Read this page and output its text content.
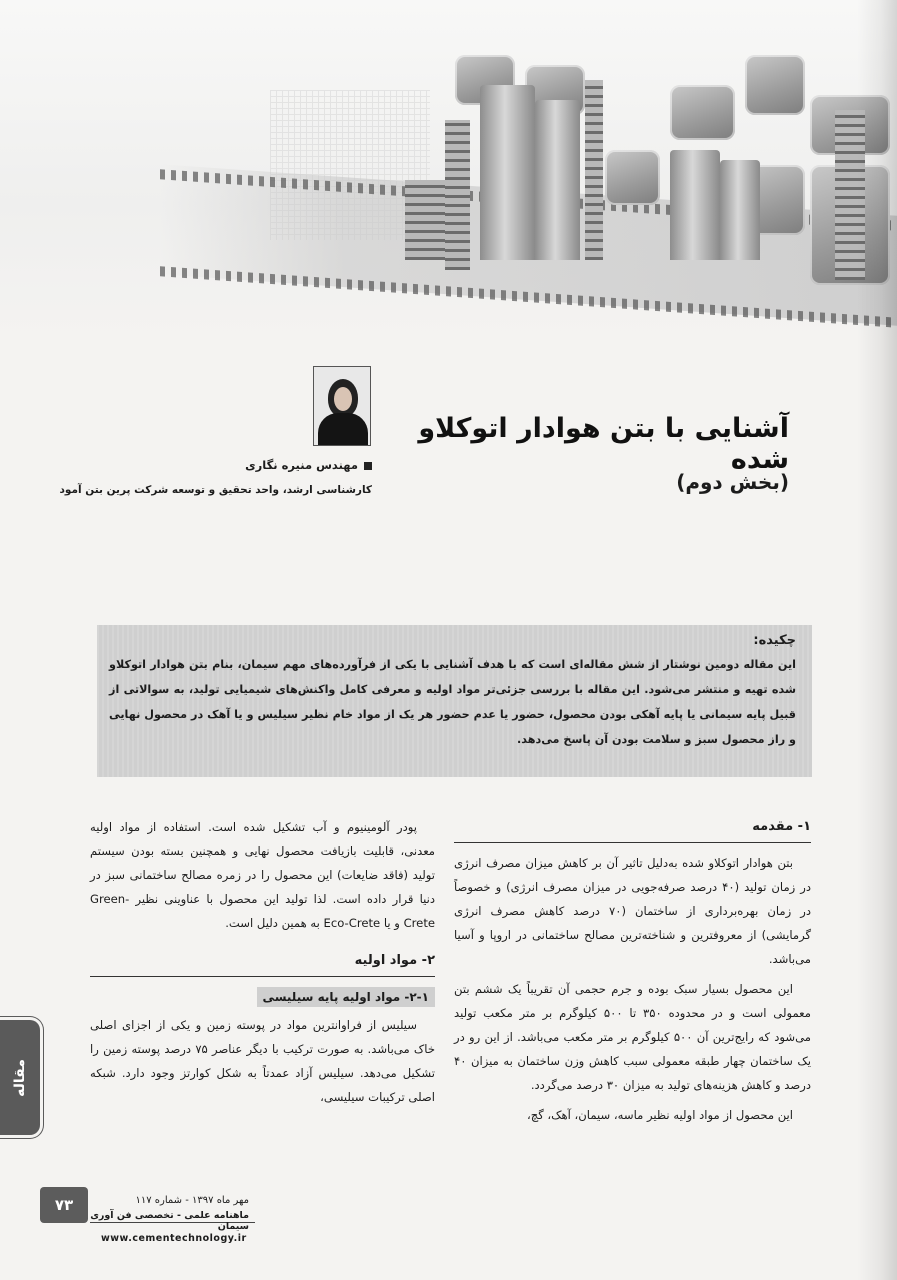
آشنایی با بتن هوادار اتوکلاو شده
(بخش دوم)
مهندس منیره نگاری
کارشناسی ارشد، واحد تحقیق و توسعه شرکت پرین بتن آمود
چکیده:
این مقاله دومین نوشتار از شش مقاله‌ای است که با هدف آشنایی با یکی از فرآورده‌های مهم سیمان، بنام بتن هوادار اتوکلاو شده تهیه و منتشر می‌شود. این مقاله با بررسی جزئی‌تر مواد اولیه و معرفی کامل واکنش‌های شیمیایی تولید، به سوالاتی از قبیل پایه سیمانی یا پایه آهکی بودن محصول، حضور یا عدم حضور هر یک از مواد خام نظیر سیلیس و یا آهک در محصول نهایی و راز محصول سبز و سلامت بودن آن پاسخ می‌دهد.
۱- مقدمه

بتن هوادار اتوکلاو شده به‌دلیل تاثیر آن بر کاهش میزان مصرف انرژی در زمان تولید (۴۰ درصد صرفه‌جویی در میزان مصرف انرژی) و خصوصاً در زمان بهره‌برداری از ساختمان (۷۰ درصد کاهش مصرف انرژی گرمایشی) از معروفترین و شناخته‌ترین مصالح ساختمانی در اروپا و آسیا می‌باشد.

این محصول بسیار سبک بوده و جرم حجمی آن تقریباً یک ششم بتن معمولی است و در محدوده ۳۵۰ تا ۵۰۰ کیلوگرم بر متر مکعب تولید می‌شود که رایج‌ترین آن ۵۰۰ کیلوگرم بر متر مکعب می‌باشد. از این رو در یک ساختمان چهار طبقه معمولی سبب کاهش وزن ساختمان به میزان ۴۰ درصد و کاهش هزینه‌های تولید به میزان ۳۰ درصد می‌گردد.

این محصول از مواد اولیه نظیر ماسه، سیمان، آهک، گچ،

پودر آلومینیوم و آب تشکیل شده است. استفاده از مواد اولیه معدنی، قابلیت بازیافت محصول نهایی و همچنین بسته بودن سیستم تولید (فاقد ضایعات) این محصول را در زمره مصالح ساختمانی سبز در دنیا قرار داده است. لذا تولید این محصول با عناوینی نظیر Green-Crete و یا Eco-Crete به همین دلیل است.

۲- مواد اولیه
۲-۱- مواد اولیه پایه سیلیسی

سیلیس از فراوانترین مواد در پوسته زمین و یکی از اجزای اصلی خاک می‌باشد. به صورت ترکیب با دیگر عناصر ۷۵ درصد پوسته زمین را تشکیل می‌دهد. سیلیس آزاد عمدتاً به شکل کوارتز وجود دارد. شبکه اصلی ترکیبات سیلیسی،

مقاله
۷۳	مهر ماه ۱۳۹۷ - شماره ۱۱۷
ماهنامه علمی - تخصصی فن آوری سیمان
www.cementechnology.ir
